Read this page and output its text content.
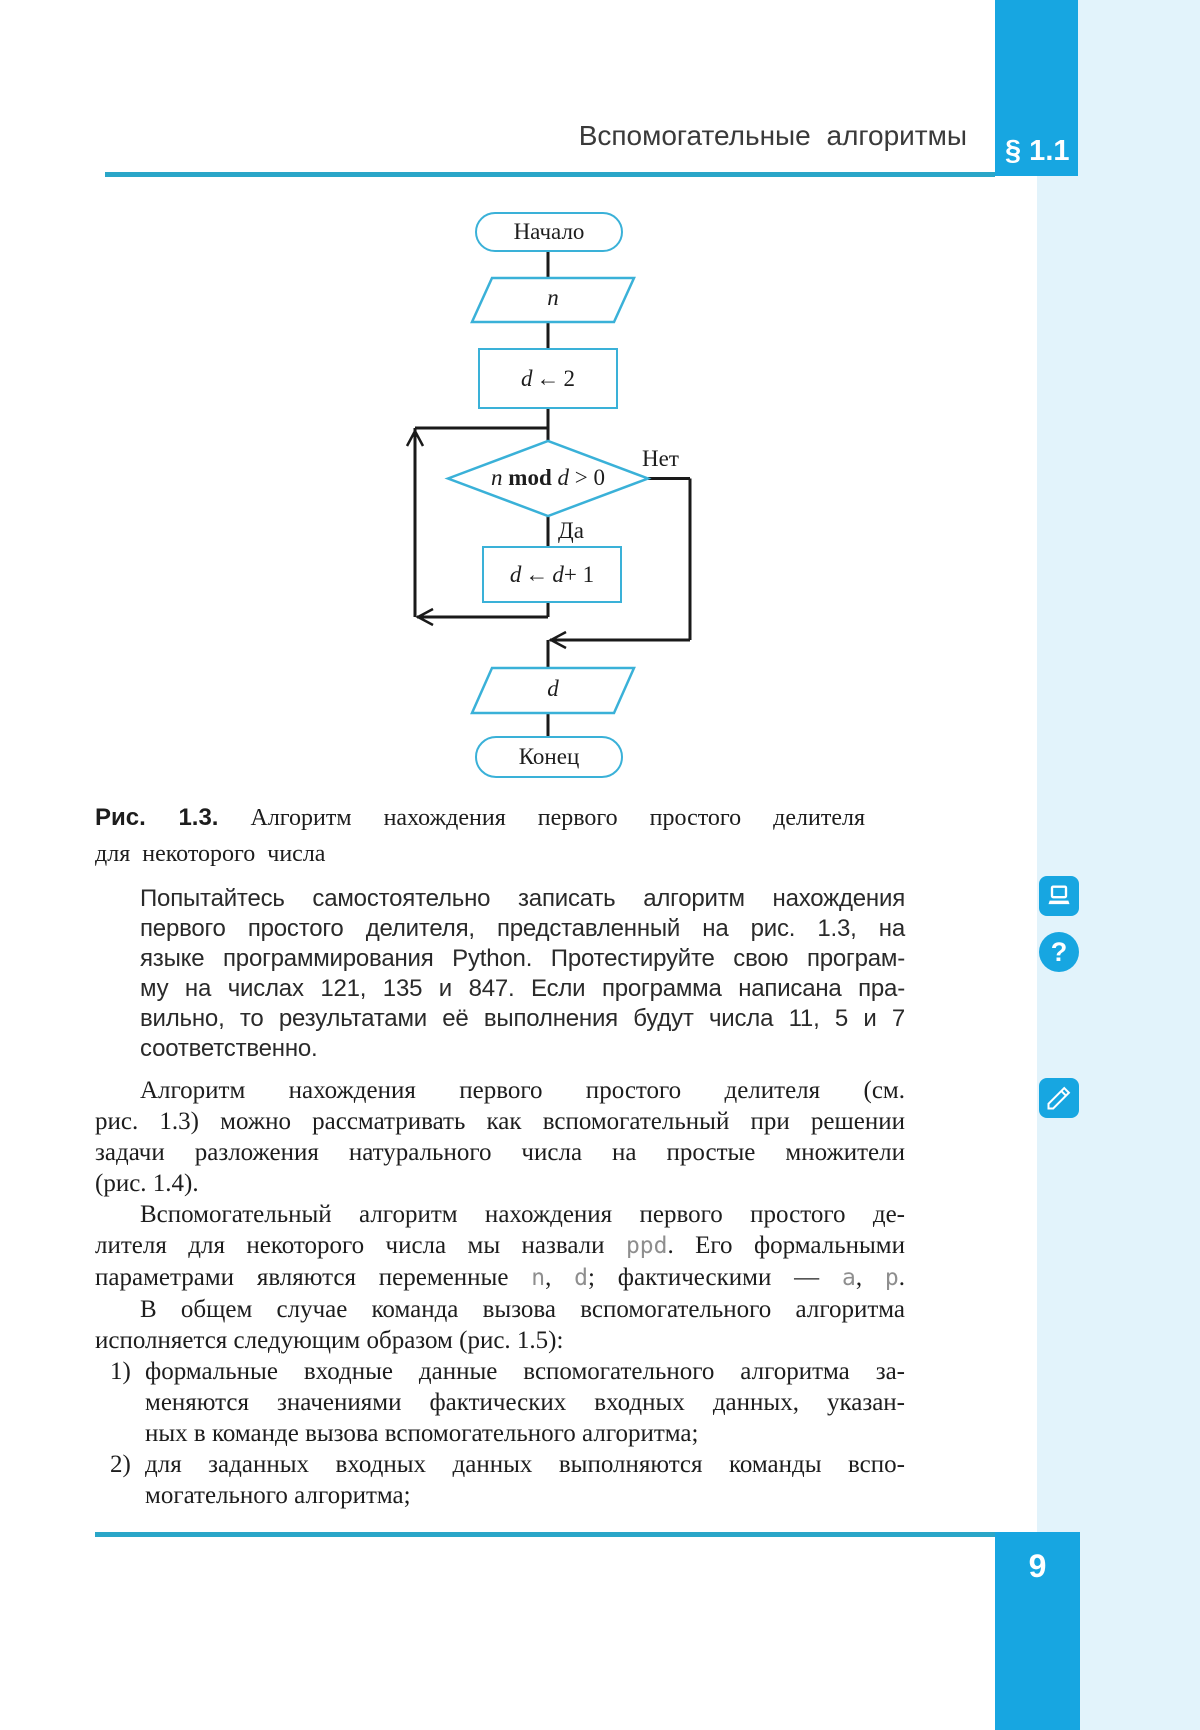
Вспомогательные алгоритмы § 1.1
Начало
n
d ← 2
n mod d > 0
Нет
Да
d ← d + 1
d
Конец
Рис. 1.3. Алгоритм нахождения первого простого делителя
для некоторого числа
Попытайтесь самостоятельно записать алгоритм нахождения
первого простого делителя, представленный на рис. 1.3, на
языке программирования Python. Протестируйте свою програм-
му на числах 121, 135 и 847. Если программа написана пра-
вильно, то результатами её выполнения будут числа 11, 5 и 7
соответственно.
Алгоритм нахождения первого простого делителя (см.
рис. 1.3) можно рассматривать как вспомогательный при решении
задачи разложения натурального числа на простые множители
(рис. 1.4).
Вспомогательный алгоритм нахождения первого простого де-
лителя для некоторого числа мы назвали ppd. Его формальными
параметрами являются переменные n, d; фактическими — a, p.
В общем случае команда вызова вспомогательного алгоритма
исполняется следующим образом (рис. 1.5):
1) формальные входные данные вспомогательного алгоритма за-
меняются значениями фактических входных данных, указан-
ных в команде вызова вспомогательного алгоритма;
2) для заданных входных данных выполняются команды вспо-
могательного алгоритма;
?
9
